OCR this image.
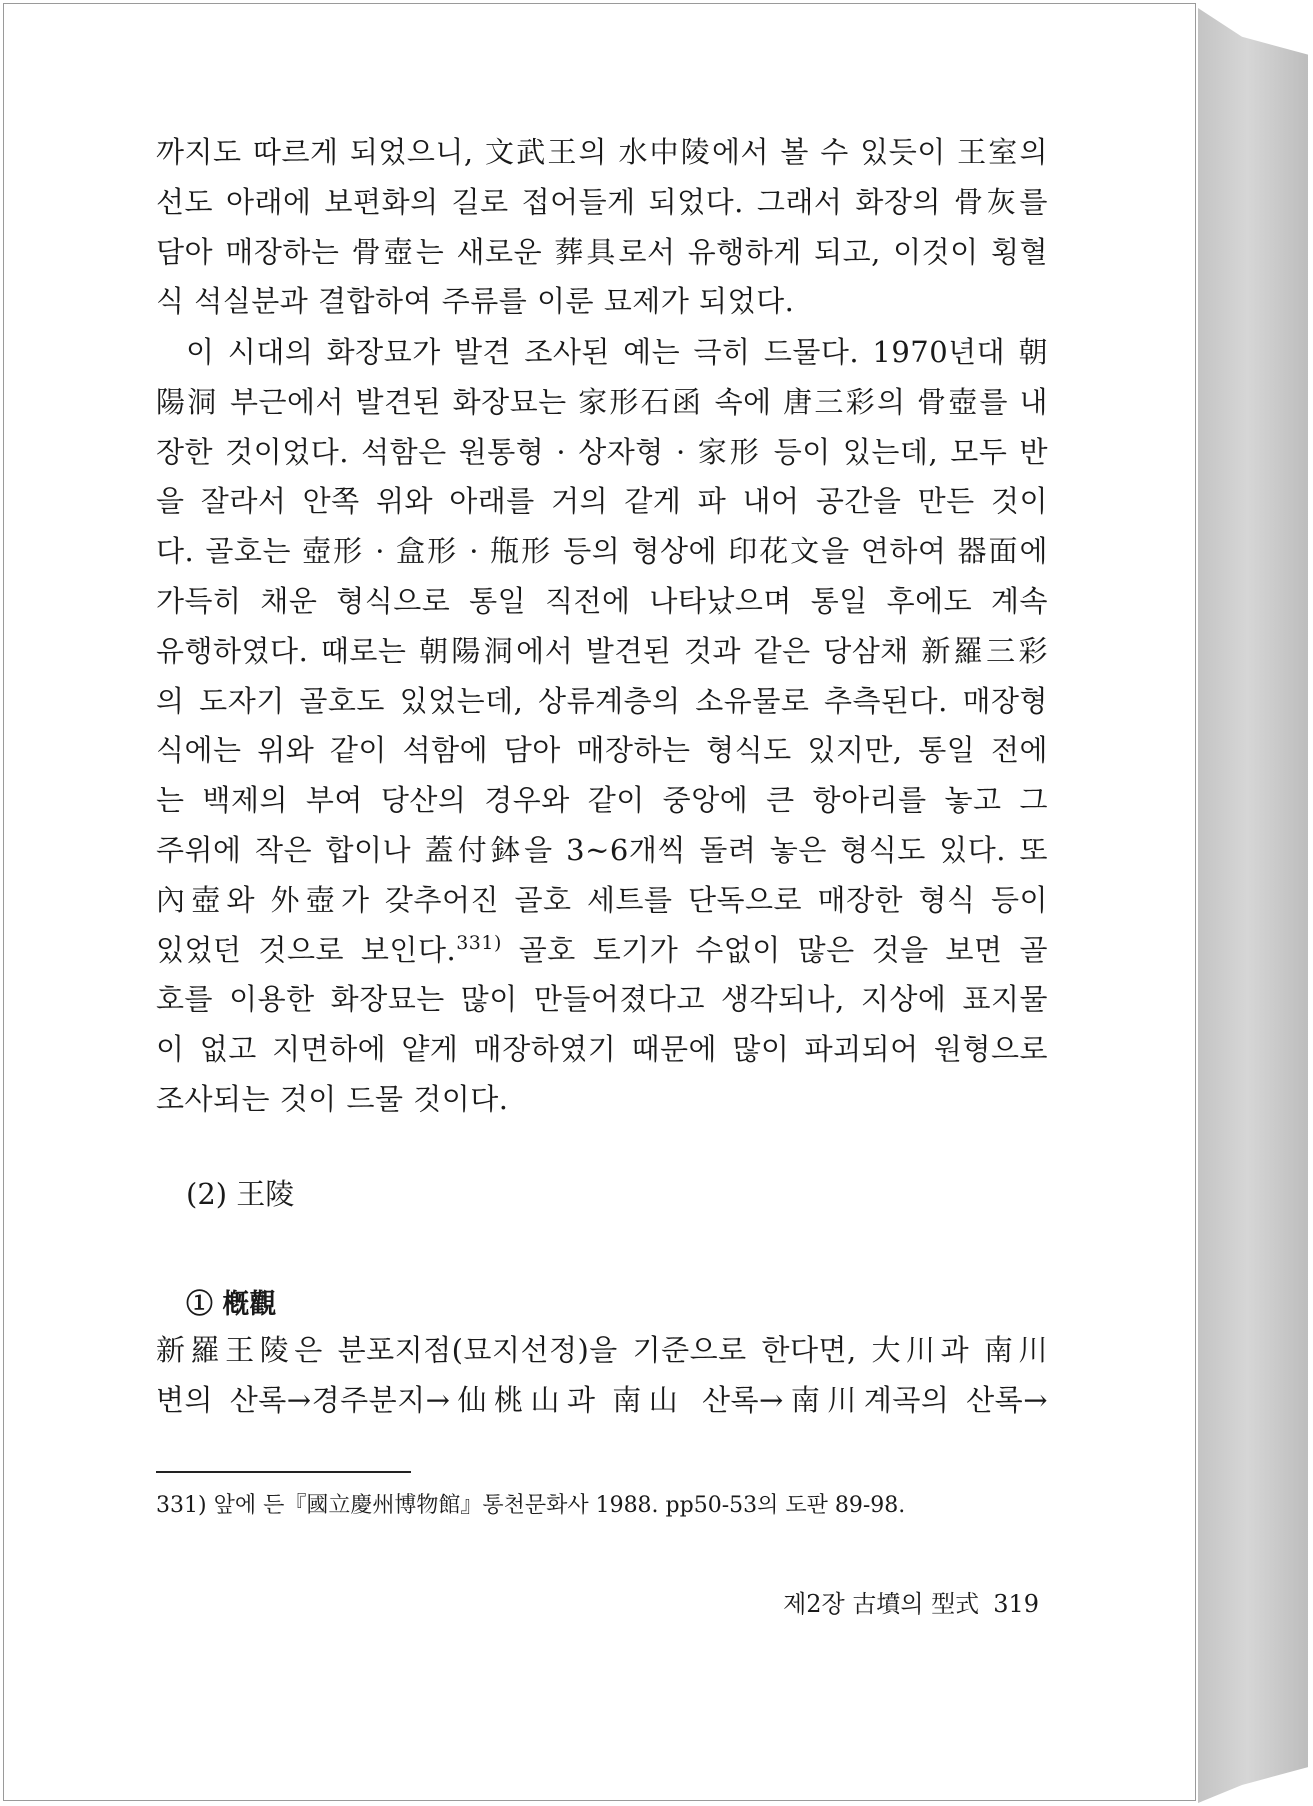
까지도 따르게 되었으니, 文武王의 水中陵에서 볼 수 있듯이 王室의
선도 아래에 보편화의 길로 접어들게 되었다. 그래서 화장의 骨灰를
담아 매장하는 骨壺는 새로운 葬具로서 유행하게 되고, 이것이 횡혈
식 석실분과 결합하여 주류를 이룬 묘제가 되었다.
이 시대의 화장묘가 발견 조사된 예는 극히 드물다. 1970년대 朝
陽洞 부근에서 발견된 화장묘는 家形石函 속에 唐三彩의 骨壺를 내
장한 것이었다. 석함은 원통형 · 상자형 · 家形 등이 있는데, 모두 반
을 잘라서 안쪽 위와 아래를 거의 같게 파 내어 공간을 만든 것이
다. 골호는 壺形 · 盒形 · 甁形 등의 형상에 印花文을 연하여 器面에
가득히 채운 형식으로 통일 직전에 나타났으며 통일 후에도 계속
유행하였다. 때로는 朝陽洞에서 발견된 것과 같은 당삼채 新羅三彩
의 도자기 골호도 있었는데, 상류계층의 소유물로 추측된다. 매장형
식에는 위와 같이 석함에 담아 매장하는 형식도 있지만, 통일 전에
는 백제의 부여 당산의 경우와 같이 중앙에 큰 항아리를 놓고 그
주위에 작은 합이나 蓋付鉢을 3~6개씩 돌려 놓은 형식도 있다. 또
內壺와 外壺가 갖추어진 골호 세트를 단독으로 매장한 형식 등이
있었던 것으로 보인다.$^{331)}$ 골호 토기가 수없이 많은 것을 보면 골
호를 이용한 화장묘는 많이 만들어졌다고 생각되나, 지상에 표지물
이 없고 지면하에 얕게 매장하였기 때문에 많이 파괴되어 원형으로
조사되는 것이 드물 것이다.
(2) 王陵
① 槪觀
新羅王陵은 분포지점(묘지선정)을 기준으로 한다면, 大川과 南川
변의 산록→경주분지→仙桃山과 南山 산록→南川계곡의 산록→

331) 앞에 든『國立慶州博物館』통천문화사 1988. pp50-53의 도판 89-98.

제2장 古墳의 型式 319
